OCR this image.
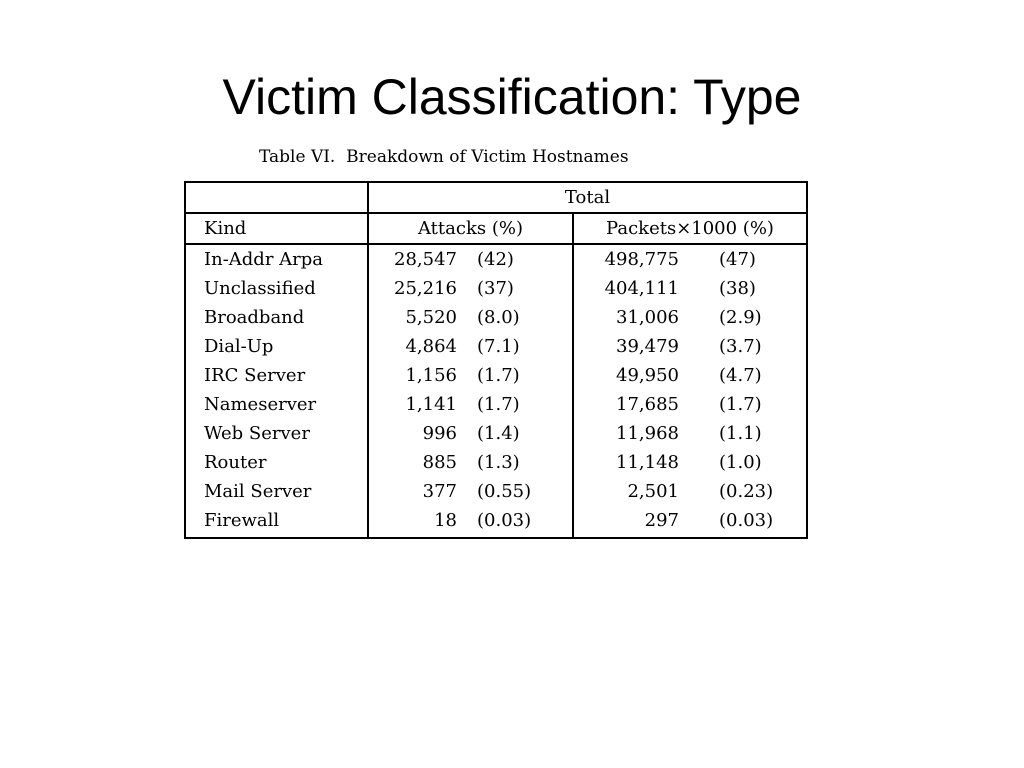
Victim Classification: Type
Table VI.  Breakdown of Victim Hostnames
	Total			
Kind	Attacks (%)		Packets×1000 (%)	
In-Addr Arpa	28,547	(42)	498,775	(47)
Unclassified	25,216	(37)	404,111	(38)
Broadband	5,520	(8.0)	31,006	(2.9)
Dial-Up	4,864	(7.1)	39,479	(3.7)
IRC Server	1,156	(1.7)	49,950	(4.7)
Nameserver	1,141	(1.7)	17,685	(1.7)
Web Server	996	(1.4)	11,968	(1.1)
Router	885	(1.3)	11,148	(1.0)
Mail Server	377	(0.55)	2,501	(0.23)
Firewall	18	(0.03)	297	(0.03)
